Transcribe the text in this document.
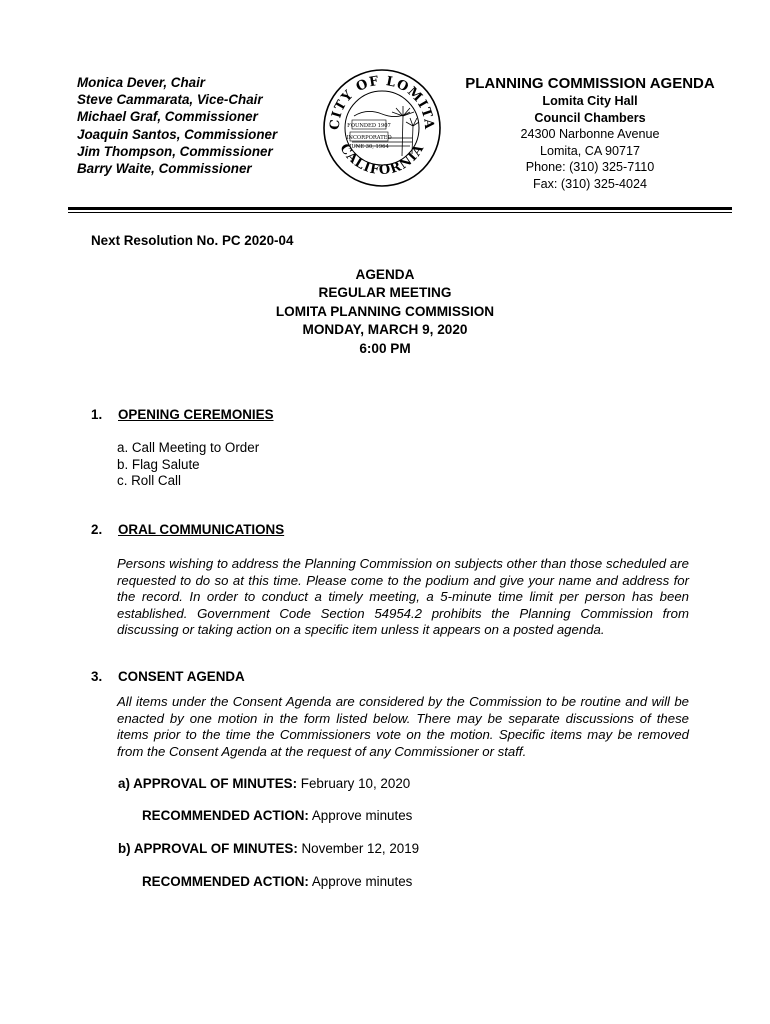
Monica Dever, Chair
Steve Cammarata, Vice-Chair
Michael Graf, Commissioner
Joaquin Santos, Commissioner
Jim Thompson, Commissioner
Barry Waite, Commissioner
CITY OF LOMITA
CALIFORNIA
FOUNDED 1907
INCORPORATED
JUNE 30, 1964
PLANNING COMMISSION AGENDA
Lomita City Hall
Council Chambers
24300 Narbonne Avenue
Lomita, CA 90717
Phone: (310) 325-7110
Fax: (310) 325-4024
Next Resolution No. PC 2020-04
AGENDA
REGULAR MEETING
LOMITA PLANNING COMMISSION
MONDAY, MARCH 9, 2020
6:00 PM
1. OPENING CEREMONIES
a. Call Meeting to Order
b. Flag Salute
c. Roll Call
2. ORAL COMMUNICATIONS
Persons wishing to address the Planning Commission on subjects other than those scheduled are requested to do so at this time. Please come to the podium and give your name and address for the record. In order to conduct a timely meeting, a 5-minute time limit per person has been established. Government Code Section 54954.2 prohibits the Planning Commission from discussing or taking action on a specific item unless it appears on a posted agenda.
3. CONSENT AGENDA
All items under the Consent Agenda are considered by the Commission to be routine and will be enacted by one motion in the form listed below. There may be separate discussions of these items prior to the time the Commissioners vote on the motion. Specific items may be removed from the Consent Agenda at the request of any Commissioner or staff.
a) APPROVAL OF MINUTES: February 10, 2020
RECOMMENDED ACTION: Approve minutes
b) APPROVAL OF MINUTES: November 12, 2019
RECOMMENDED ACTION: Approve minutes
